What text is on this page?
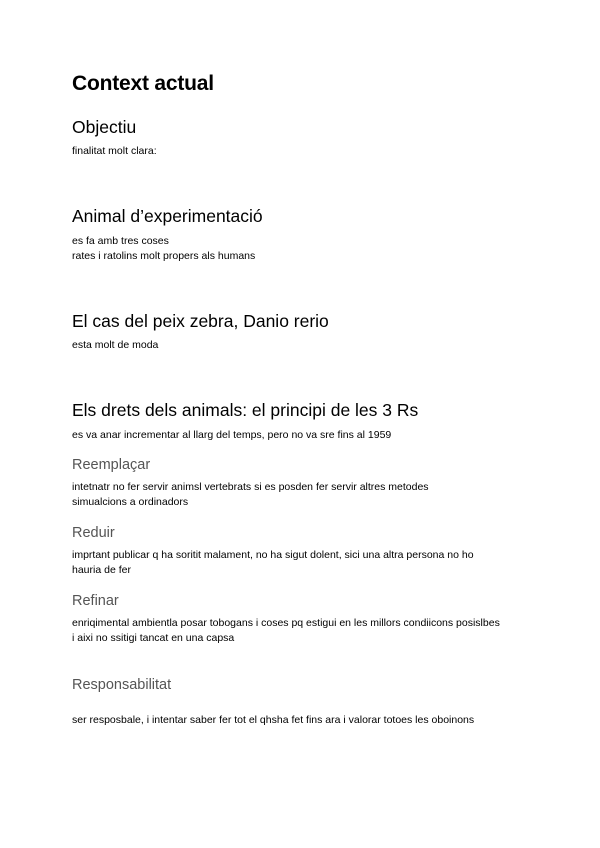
Context actual
Objectiu

finalitat molt clara:

Animal d’experimentació

es fa amb tres coses
rates i ratolins molt propers als humans

El cas del peix zebra, Danio rerio

esta molt de moda

Els drets dels animals: el principi de les 3 Rs

es va anar incrementar al llarg del temps, pero no va sre fins al 1959

Reemplaçar

intetnatr no fer servir animsl vertebrats si es posden fer servir altres metodes
simualcions a ordinadors

Reduir

imprtant publicar q ha soritit malament, no ha sigut dolent, sici una altra persona no ho
hauria de fer

Refinar

enriqimental ambientla posar tobogans i coses pq estigui en les millors condiicons posislbes
i aixi no ssitigi tancat en una capsa

Responsabilitat

ser resposbale, i intentar saber fer tot el qhsha fet fins ara i valorar totoes les oboinons
